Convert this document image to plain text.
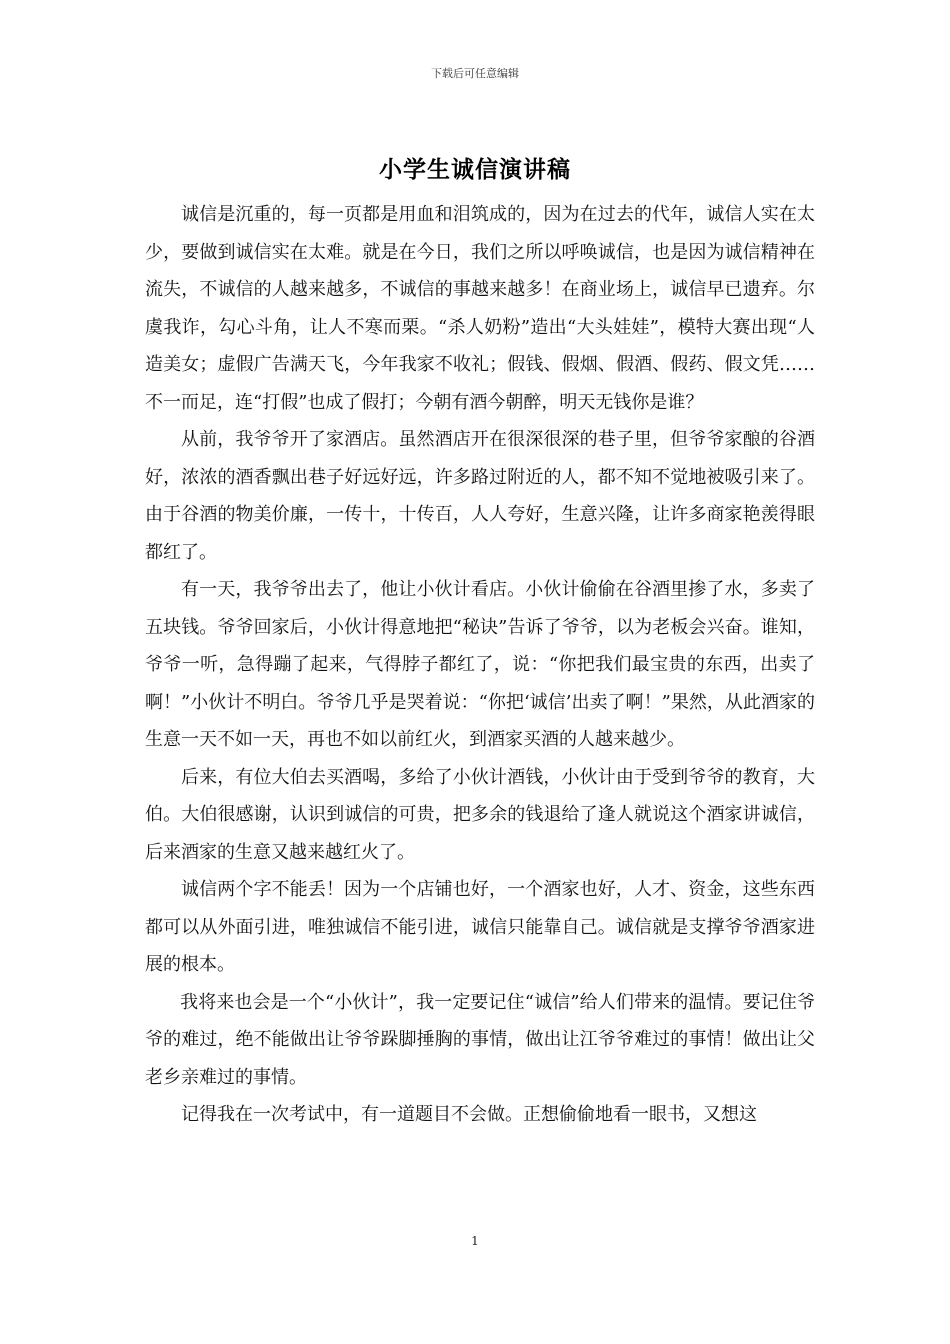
下载后可任意编辑
小学生诚信演讲稿

诚信是沉重的，每一页都是用血和泪筑成的，因为在过去的代年，诚信人实在太少，要做到诚信实在太难。就是在今日，我们之所以呼唤诚信，也是因为诚信精神在流失，不诚信的人越来越多，不诚信的事越来越多！在商业场上，诚信早已遗弃。尔虞我诈，勾心斗角，让人不寒而栗。“杀人奶粉”造出“大头娃娃”，模特大赛出现“人造美女；虚假广告满天飞，今年我家不收礼；假钱、假烟、假酒、假药、假文凭……不一而足，连“打假”也成了假打；今朝有酒今朝醉，明天无钱你是谁？

从前，我爷爷开了家酒店。虽然酒店开在很深很深的巷子里，但爷爷家酿的谷酒好，浓浓的酒香飘出巷子好远好远，许多路过附近的人，都不知不觉地被吸引来了。由于谷酒的物美价廉，一传十，十传百，人人夸好，生意兴隆，让许多商家艳羡得眼都红了。

有一天，我爷爷出去了，他让小伙计看店。小伙计偷偷在谷酒里掺了水，多卖了五块钱。爷爷回家后，小伙计得意地把“秘诀”告诉了爷爷，以为老板会兴奋。谁知，爷爷一听，急得蹦了起来，气得脖子都红了，说：“你把我们最宝贵的东西，出卖了啊！”小伙计不明白。爷爷几乎是哭着说：“你把‘诚信’出卖了啊！”果然，从此酒家的生意一天不如一天，再也不如以前红火，到酒家买酒的人越来越少。

后来，有位大伯去买酒喝，多给了小伙计酒钱，小伙计由于受到爷爷的教育，大伯。大伯很感谢，认识到诚信的可贵，把多余的钱退给了逢人就说这个酒家讲诚信，后来酒家的生意又越来越红火了。

诚信两个字不能丢！因为一个店铺也好，一个酒家也好，人才、资金，这些东西都可以从外面引进，唯独诚信不能引进，诚信只能靠自己。诚信就是支撑爷爷酒家进展的根本。

我将来也会是一个“小伙计”，我一定要记住“诚信”给人们带来的温情。要记住爷爷的难过，绝不能做出让爷爷跺脚捶胸的事情，做出让江爷爷难过的事情！做出让父老乡亲难过的事情。

记得我在一次考试中，有一道题目不会做。正想偷偷地看一眼书，又想这

1
